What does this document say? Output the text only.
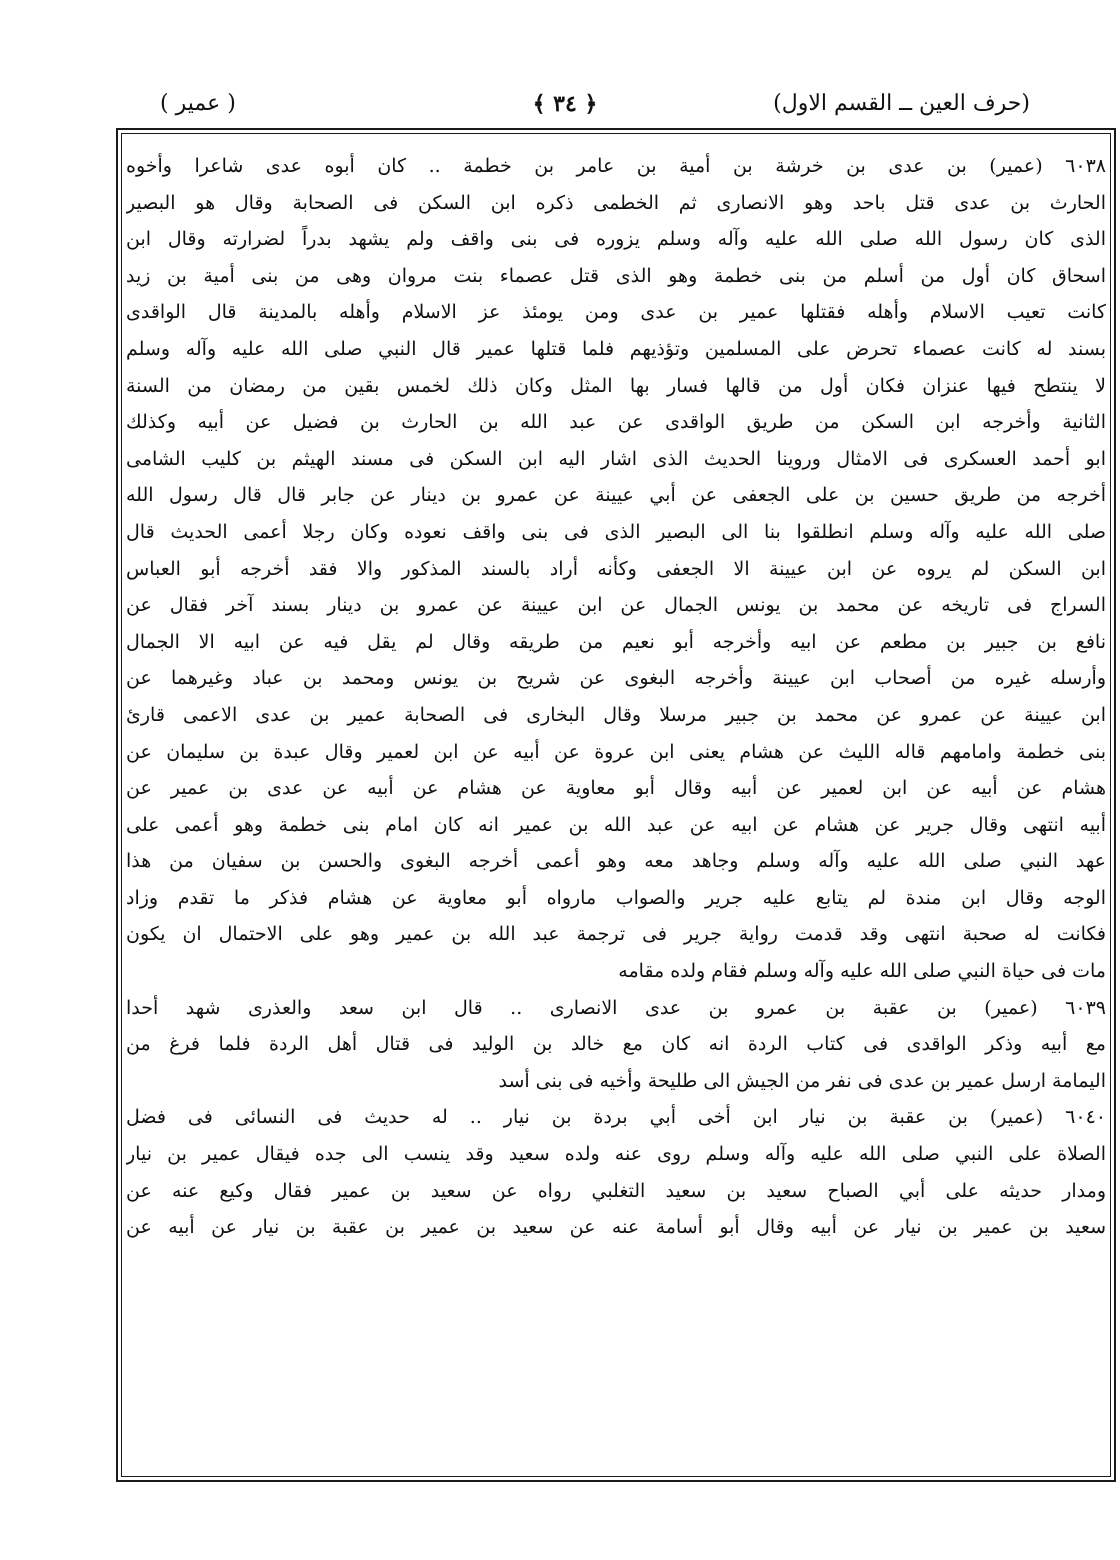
(حرف العين ــ القسم الاول)
﴿ ٣٤ ﴾
( عمير )
٦٠٣٨ (عمير) بن عدى بن خرشة بن أمية بن عامر بن خطمة .. كان أبوه عدى شاعرا وأخوه
الحارث بن عدى قتل باحد وهو الانصارى ثم الخطمى ذكره ابن السكن فى الصحابة وقال هو البصير
الذى كان رسول الله صلى الله عليه وآله وسلم يزوره فى بنى واقف ولم يشهد بدراً لضرارته وقال ابن
اسحاق كان أول من أسلم من بنى خطمة وهو الذى قتل عصماء بنت مروان وهى من بنى أمية بن زيد
كانت تعيب الاسلام وأهله فقتلها عمير بن عدى ومن يومئذ عز الاسلام وأهله بالمدينة قال الواقدى
بسند له كانت عصماء تحرض على المسلمين وتؤذيهم فلما قتلها عمير قال النبي صلى الله عليه وآله وسلم
لا ينتطح فيها عنزان فكان أول من قالها فسار بها المثل وكان ذلك لخمس بقين من رمضان من السنة
الثانية وأخرجه ابن السكن من طريق الواقدى عن عبد الله بن الحارث بن فضيل عن أبيه وكذلك
ابو أحمد العسكرى فى الامثال وروينا الحديث الذى اشار اليه ابن السكن فى مسند الهيثم بن كليب الشامى
أخرجه من طريق حسين بن على الجعفى عن أبي عيينة عن عمرو بن دينار عن جابر قال قال رسول الله
صلى الله عليه وآله وسلم انطلقوا بنا الى البصير الذى فى بنى واقف نعوده وكان رجلا أعمى الحديث قال
ابن السكن لم يروه عن ابن عيينة الا الجعفى وكأنه أراد بالسند المذكور والا فقد أخرجه أبو العباس
السراج فى تاريخه عن محمد بن يونس الجمال عن ابن عيينة عن عمرو بن دينار بسند آخر فقال عن
نافع بن جبير بن مطعم عن ابيه وأخرجه أبو نعيم من طريقه وقال لم يقل فيه عن ابيه الا الجمال
وأرسله غيره من أصحاب ابن عيينة وأخرجه البغوى عن شريح بن يونس ومحمد بن عباد وغيرهما عن
ابن عيينة عن عمرو عن محمد بن جبير مرسلا وقال البخارى فى الصحابة عمير بن عدى الاعمى قارئ
بنى خطمة وامامهم قاله الليث عن هشام يعنى ابن عروة عن أبيه عن ابن لعمير وقال عبدة بن سليمان عن
هشام عن أبيه عن ابن لعمير عن أبيه وقال أبو معاوية عن هشام عن أبيه عن عدى بن عمير عن
أبيه انتهى وقال جرير عن هشام عن ابيه عن عبد الله بن عمير انه كان امام بنى خطمة وهو أعمى على
عهد النبي صلى الله عليه وآله وسلم وجاهد معه وهو أعمى أخرجه البغوى والحسن بن سفيان من هذا
الوجه وقال ابن مندة لم يتابع عليه جرير والصواب مارواه أبو معاوية عن هشام فذكر ما تقدم وزاد
فكانت له صحبة انتهى وقد قدمت رواية جرير فى ترجمة عبد الله بن عمير وهو على الاحتمال ان يكون
مات فى حياة النبي صلى الله عليه وآله وسلم فقام ولده مقامه
٦٠٣٩ (عمير) بن عقبة بن عمرو بن عدى الانصارى .. قال ابن سعد والعذرى شهد أحدا
مع أبيه وذكر الواقدى فى كتاب الردة انه كان مع خالد بن الوليد فى قتال أهل الردة فلما فرغ من
اليمامة ارسل عمير بن عدى فى نفر من الجيش الى طليحة وأخيه فى بنى أسد
٦٠٤٠ (عمير) بن عقبة بن نيار ابن أخى أبي بردة بن نيار .. له حديث فى النسائى فى فضل
الصلاة على النبي صلى الله عليه وآله وسلم روى عنه ولده سعيد وقد ينسب الى جده فيقال عمير بن نيار
ومدار حديثه على أبي الصباح سعيد بن سعيد التغلبي رواه عن سعيد بن عمير فقال وكيع عنه عن
سعيد بن عمير بن نيار عن أبيه وقال أبو أسامة عنه عن سعيد بن عمير بن عقبة بن نيار عن أبيه عن
